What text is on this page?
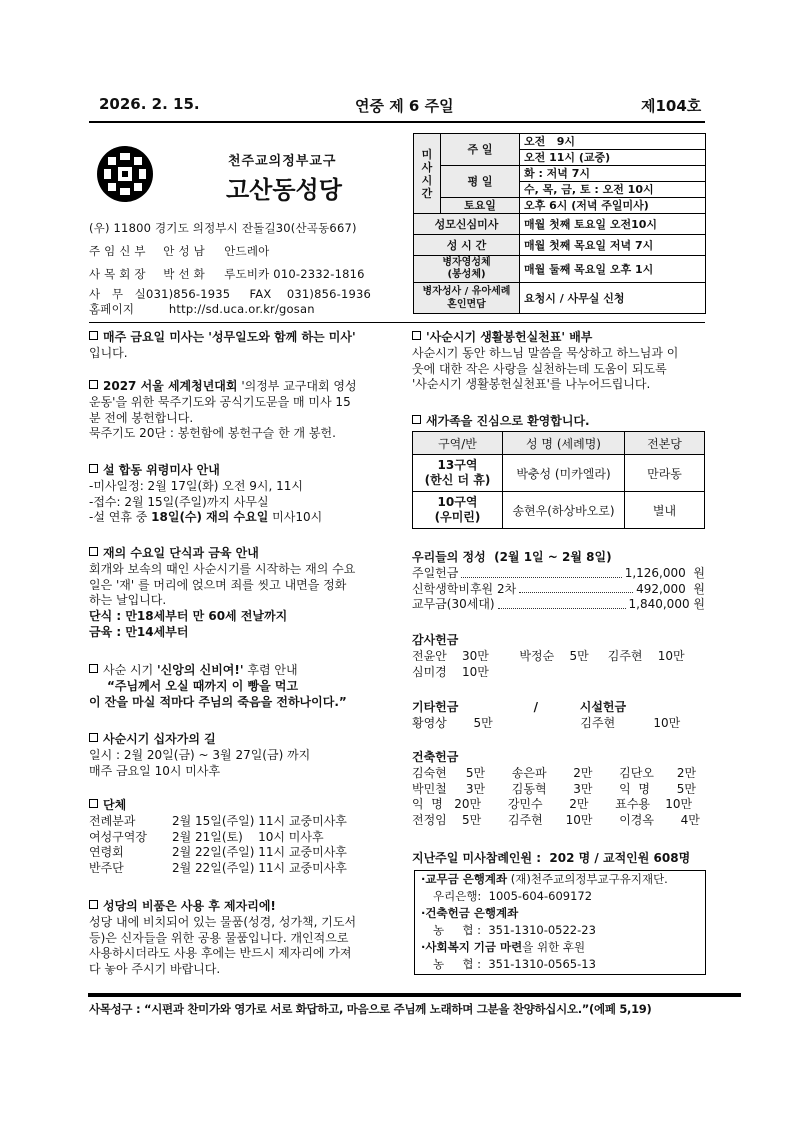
2026. 2. 15.	연중 제 6 주일	제104호
천주교의정부교구
고산동성당
(우) 11800 경기도 의정부시 잔돌길30(산곡동667)
주임신부 안 성 남     안드레아
사목회장 박 선 화     루도비카 010-2332-1816
사   무   실031)856-1935     FAX    031)856-1936
홈페이지         http://sd.uca.or.kr/gosan
미
사
시
간	주 일	오전   9시
		오전 11시 (교중)
	평 일	화 : 저녁 7시
		수, 목, 금, 토 : 오전 10시
	토요일	오후 6시 (저녁 주일미사)
성모신심미사		매월 첫째 토요일 오전10시
성 시 간		매월 첫째 목요일 저녁 7시
병자영성체
(봉성체)		매월 둘째 목요일 오후 1시
병자성사 / 유아세례
혼인면담		요청시 / 사무실 신청
매주 금요일 미사는 '성무일도와 함께 하는 미사'
입니다.
2027 서울 세계청년대회 '의정부 교구대회 영성
운동'을 위한 묵주기도와 공식기도문을 매 미사 15
분 전에 봉헌합니다.
묵주기도 20단 : 봉헌함에 봉헌구슬 한 개 봉헌.
설 합동 위령미사 안내
-미사일정: 2월 17일(화) 오전 9시, 11시
-접수: 2월 15일(주일)까지 사무실
-설 연휴 중 18일(수) 재의 수요일 미사10시
재의 수요일 단식과 금육 안내
회개와 보속의 때인 사순시기를 시작하는 재의 수요
일은 '재' 를 머리에 얹으며 죄를 씻고 내면을 정화
하는 날입니다.
단식 : 만18세부터 만 60세 전날까지
금육 : 만14세부터
사순 시기 '신앙의 신비여!' 후렴 안내
“주님께서 오실 때까지 이 빵을 먹고
이 잔을 마실 적마다 주님의 죽음을 전하나이다.”
사순시기 십자가의 길
일시 : 2월 20일(금) ~ 3월 27일(금) 까지
매주 금요일 10시 미사후
단체
전례분과	2월 15일(주일) 11시 교중미사후
여성구역장 2월 21일(토)    10시 미사후
연령회	2월 22일(주일) 11시 교중미사후
반주단	2월 22일(주일) 11시 교중미사후
성당의 비품은 사용 후 제자리에!
성당 내에 비치되어 있는 물품(성경, 성가책, 기도서
등)은 신자들을 위한 공용 물품입니다. 개인적으로
사용하시더라도 사용 후에는 반드시 제자리에 가져
다 놓아 주시기 바랍니다.
'사순시기 생활봉헌실천표' 배부
사순시기 동안 하느님 말씀을 묵상하고 하느님과 이
웃에 대한 작은 사랑을 실천하는데 도움이 되도록
'사순시기 생활봉헌실천표'를 나누어드립니다.
새가족을 진심으로 환영합니다.
구역/반	성 명 (세례명)	전본당
13구역
(한신 더 휴)	박충성 (미카엘라)	만라동
10구역
(우미린)	송현우(하상바오로)	별내
우리들의 정성  (2월 1일 ~ 2월 8일)
주일헌금	1,126,000  원
신학생학비후원 2차	492,000  원
교무금(30세대)	1,840,000 원
감사헌금
전윤안    30만        박정순    5만     김주현    10만
심미경    10만
기타헌금                  /          시설헌금
황영상       5만                       김주현          10만
건축헌금
김숙현     5만       송은파       2만       김단오      2만
박민철     3만       김동혁       3만       익  명       5만
익  명   20만       강민수       2만       표수용    10만
전정임    5만       김주현      10만       이경옥       4만
지난주일 미사참례인원 :  202 명 / 교적인원 608명
·교무금 은행계좌 (재)천주교의정부교구유지재단.
우리은행:  1005-604-609172
·건축헌금 은행계좌
농     협 :  351-1310-0522-23
·사회복지 기금 마련을 위한 후원
농     협 :  351-1310-0565-13
사목성구 : “시편과 찬미가와 영가로 서로 화답하고, 마음으로 주님께 노래하며 그분을 찬양하십시오.”(에페 5,19)
